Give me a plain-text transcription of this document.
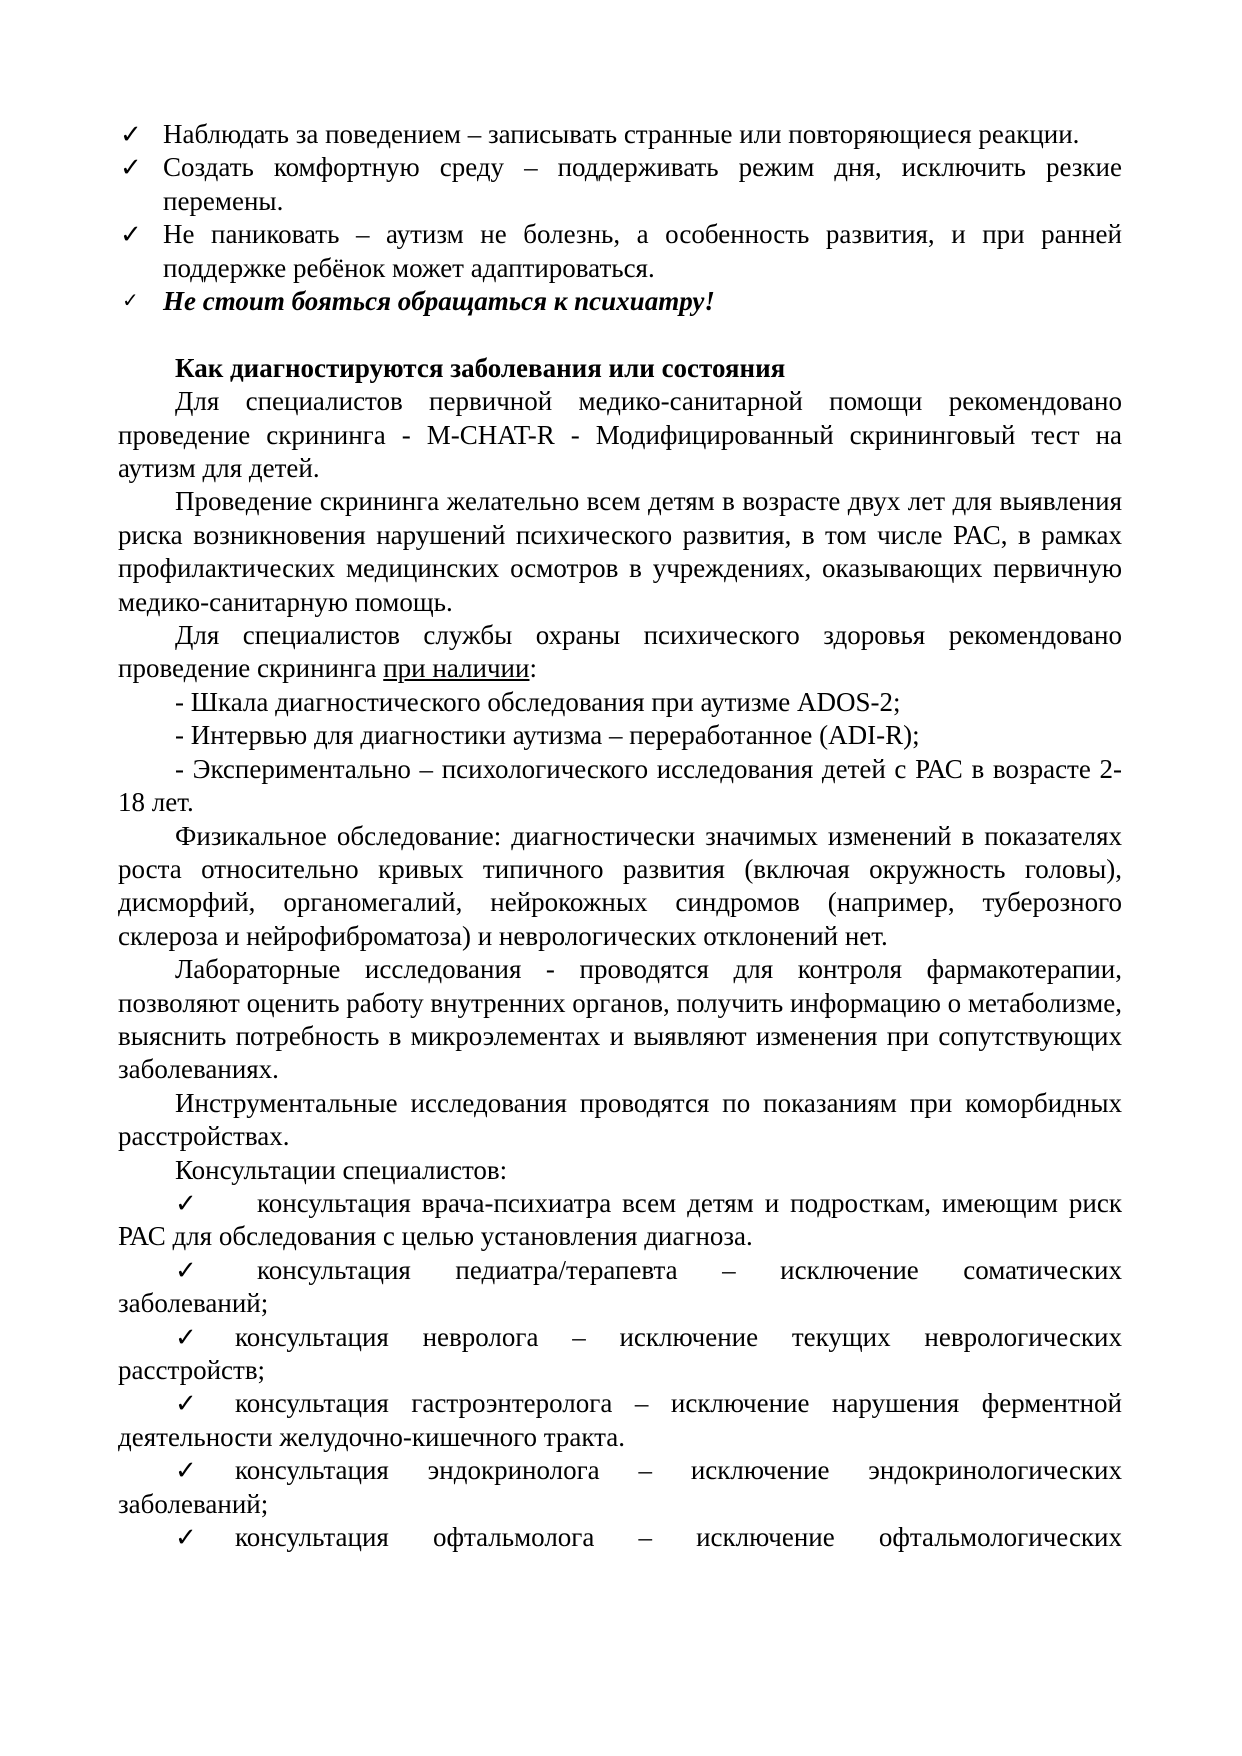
✓ Наблюдать за поведением – записывать странные или повторяющиеся реакции.
✓ Создать комфортную среду – поддерживать режим дня, исключить резкие перемены.
✓ Не паниковать – аутизм не болезнь, а особенность развития, и при ранней поддержке ребёнок может адаптироваться.
✓ Не стоит бояться обращаться к психиатру!
Как диагностируются заболевания или состояния
Для специалистов первичной медико-санитарной помощи рекомендовано проведение скрининга - M-CHAT-R - Модифицированный скрининговый тест на аутизм для детей.
Проведение скрининга желательно всем детям в возрасте двух лет для выявления риска возникновения нарушений психического развития, в том числе РАС, в рамках профилактических медицинских осмотров в учреждениях, оказывающих первичную медико-санитарную помощь.
Для специалистов службы охраны психического здоровья рекомендовано проведение скрининга при наличии:
- Шкала диагностического обследования при аутизме ADOS-2;
- Интервью для диагностики аутизма – переработанное (ADI-R);
- Экспериментально – психологического исследования детей с РАС в возрасте 2-18 лет.
Физикальное обследование: диагностически значимых изменений в показателях роста относительно кривых типичного развития (включая окружность головы), дисморфий, органомегалий, нейрокожных синдромов (например, туберозного склероза и нейрофиброматоза) и неврологических отклонений нет.
Лабораторные исследования - проводятся для контроля фармакотерапии, позволяют оценить работу внутренних органов, получить информацию о метаболизме, выяснить потребность в микроэлементах и выявляют изменения при сопутствующих заболеваниях.
Инструментальные исследования проводятся по показаниям при коморбидных расстройствах.
Консультации специалистов:
✓ консультация врача-психиатра всем детям и подросткам, имеющим риск РАС для обследования с целью установления диагноза.
✓ консультация педиатра/терапевта – исключение соматических заболеваний;
✓ консультация невролога – исключение текущих неврологических расстройств;
✓ консультация гастроэнтеролога – исключение нарушения ферментной деятельности желудочно-кишечного тракта.
✓ консультация эндокринолога – исключение эндокринологических заболеваний;
✓ консультация офтальмолога – исключение офтальмологических
